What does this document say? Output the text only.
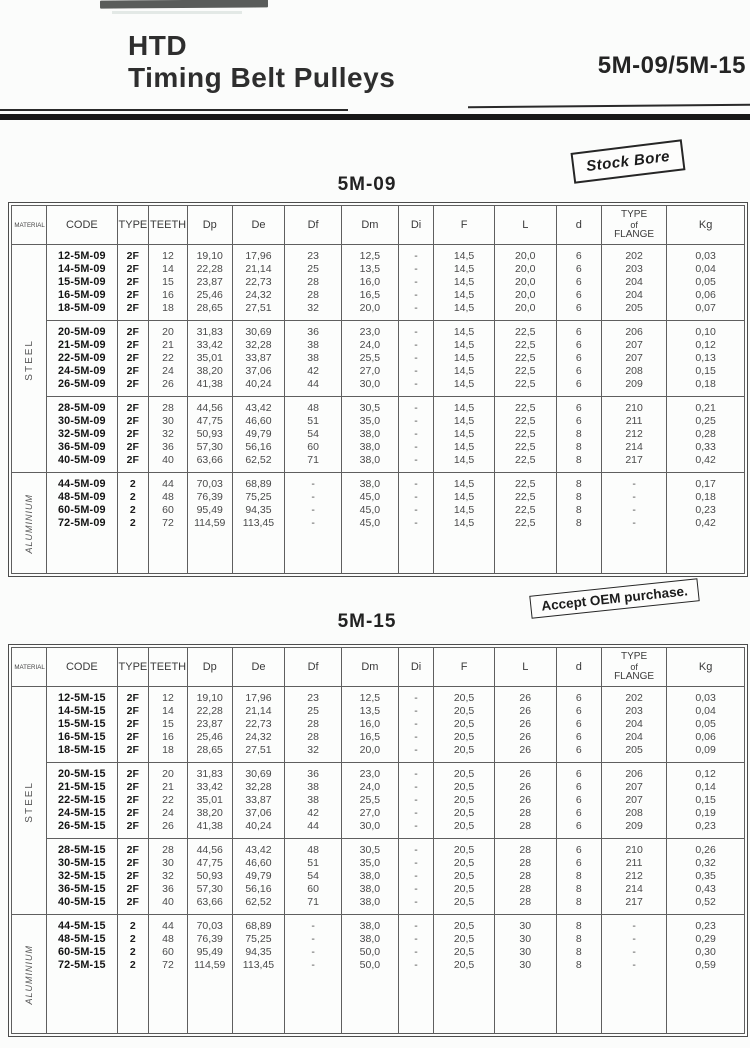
HTD
Timing Belt Pulleys	5M-09/5M-15
Stock Bore
5M-09
5M-15
Accept OEM purchase.
MATERIAL	CODE	TYPE	TEETH	Dp	De	Df	Dm	Di	F	L	d	TYPE
of
FLANGE	Kg
STEEL	12-5M-09	2F	12	19,10	17,96	23	12,5	-	14,5	20,0	6	202	0,03
	14-5M-09	2F	14	22,28	21,14	25	13,5	-	14,5	20,0	6	203	0,04
	15-5M-09	2F	15	23,87	22,73	28	16,0	-	14,5	20,0	6	204	0,05
	16-5M-09	2F	16	25,46	24,32	28	16,5	-	14,5	20,0	6	204	0,06
	18-5M-09	2F	18	28,65	27,51	32	20,0	-	14,5	20,0	6	205	0,07
	20-5M-09	2F	20	31,83	30,69	36	23,0	-	14,5	22,5	6	206	0,10
	21-5M-09	2F	21	33,42	32,28	38	24,0	-	14,5	22,5	6	207	0,12
	22-5M-09	2F	22	35,01	33,87	38	25,5	-	14,5	22,5	6	207	0,13
	24-5M-09	2F	24	38,20	37,06	42	27,0	-	14,5	22,5	6	208	0,15
	26-5M-09	2F	26	41,38	40,24	44	30,0	-	14,5	22,5	6	209	0,18
	28-5M-09	2F	28	44,56	43,42	48	30,5	-	14,5	22,5	6	210	0,21
	30-5M-09	2F	30	47,75	46,60	51	35,0	-	14,5	22,5	6	211	0,25
	32-5M-09	2F	32	50,93	49,79	54	38,0	-	14,5	22,5	8	212	0,28
	36-5M-09	2F	36	57,30	56,16	60	38,0	-	14,5	22,5	8	214	0,33
	40-5M-09	2F	40	63,66	62,52	71	38,0	-	14,5	22,5	8	217	0,42
ALUMINIUM	44-5M-09	2	44	70,03	68,89	-	38,0	-	14,5	22,5	8	-	0,17
	48-5M-09	2	48	76,39	75,25	-	45,0	-	14,5	22,5	8	-	0,18
	60-5M-09	2	60	95,49	94,35	-	45,0	-	14,5	22,5	8	-	0,23
	72-5M-09	2	72	114,59	113,45	-	45,0	-	14,5	22,5	8	-	0,42

MATERIAL	CODE	TYPE	TEETH	Dp	De	Df	Dm	Di	F	L	d	TYPE
of
FLANGE	Kg
STEEL	12-5M-15	2F	12	19,10	17,96	23	12,5	-	20,5	26	6	202	0,03
	14-5M-15	2F	14	22,28	21,14	25	13,5	-	20,5	26	6	203	0,04
	15-5M-15	2F	15	23,87	22,73	28	16,0	-	20,5	26	6	204	0,05
	16-5M-15	2F	16	25,46	24,32	28	16,5	-	20,5	26	6	204	0,06
	18-5M-15	2F	18	28,65	27,51	32	20,0	-	20,5	26	6	205	0,09
	20-5M-15	2F	20	31,83	30,69	36	23,0	-	20,5	26	6	206	0,12
	21-5M-15	2F	21	33,42	32,28	38	24,0	-	20,5	26	6	207	0,14
	22-5M-15	2F	22	35,01	33,87	38	25,5	-	20,5	26	6	207	0,15
	24-5M-15	2F	24	38,20	37,06	42	27,0	-	20,5	28	6	208	0,19
	26-5M-15	2F	26	41,38	40,24	44	30,0	-	20,5	28	6	209	0,23
	28-5M-15	2F	28	44,56	43,42	48	30,5	-	20,5	28	6	210	0,26
	30-5M-15	2F	30	47,75	46,60	51	35,0	-	20,5	28	6	211	0,32
	32-5M-15	2F	32	50,93	49,79	54	38,0	-	20,5	28	8	212	0,35
	36-5M-15	2F	36	57,30	56,16	60	38,0	-	20,5	28	8	214	0,43
	40-5M-15	2F	40	63,66	62,52	71	38,0	-	20,5	28	8	217	0,52
ALUMINIUM	44-5M-15	2	44	70,03	68,89	-	38,0	-	20,5	30	8	-	0,23
	48-5M-15	2	48	76,39	75,25	-	38,0	-	20,5	30	8	-	0,29
	60-5M-15	2	60	95,49	94,35	-	50,0	-	20,5	30	8	-	0,30
	72-5M-15	2	72	114,59	113,45	-	50,0	-	20,5	30	8	-	0,59
